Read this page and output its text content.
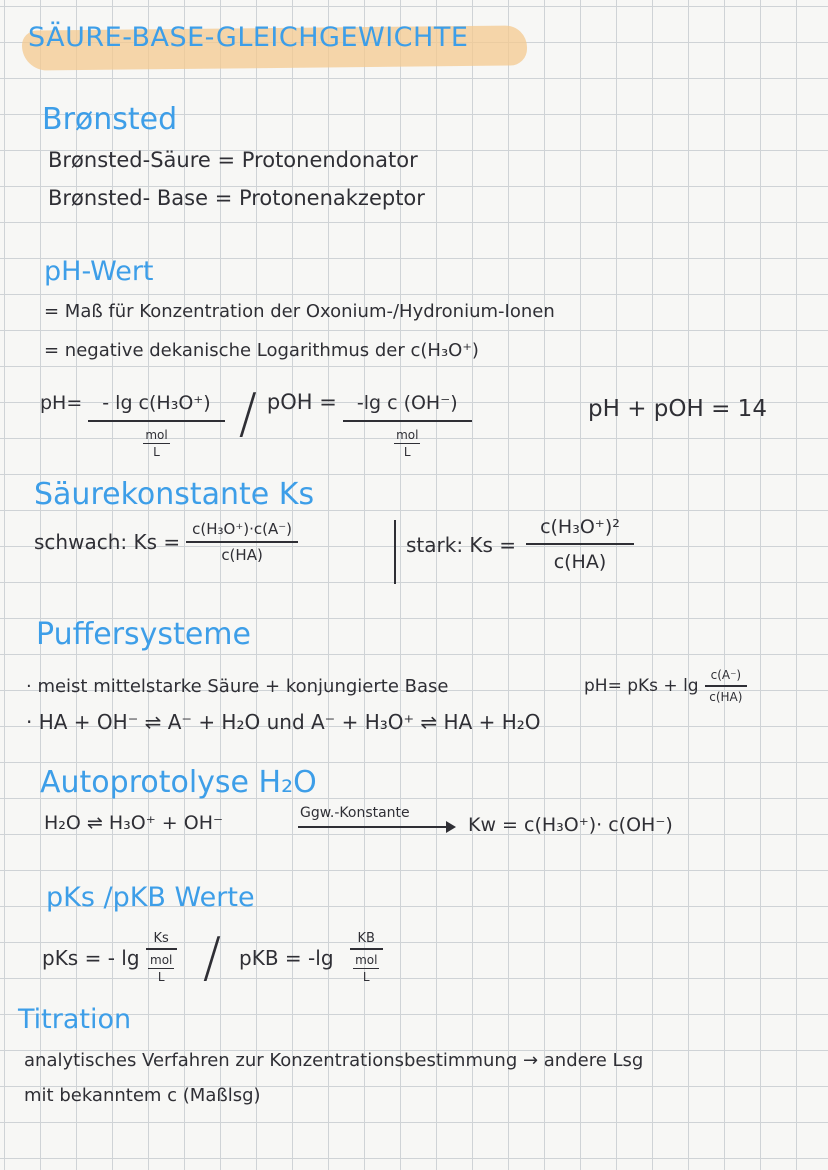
SÄURE-BASE-GLEICHGEWICHTE
Brønsted
Brønsted-Säure = Protonendonator
Brønsted- Base = Protonenakzeptor
pH-Wert
= Maß für Konzentration der Oxonium-/Hydronium-Ionen
= negative dekanische Logarithmus der c(H₃O⁺)
$pH= \frac{\text{- lg c(H₃O⁺)}}{\frac{\text{mol}}{L}}$ / pOH = $\frac{\text{-lg c (OH⁻)}}{\frac{\text{mol}}{L}}$	pH + pOH = 14
Säurekonstante Ks
schwach: $Ks = \frac{\text{c(H₃O⁺)·c(A⁻)}}{c(HA)}$	stark: $Ks = \frac{\text{c(H₃O⁺)²}}{c(HA)}$
Puffersysteme
· meist mittelstarke Säure + konjungierte Base	pH= pKs + $\lg \frac{c(A^-)}{c(HA)}$
· HA + OH⁻ ⇌ A⁻ + H₂O und A⁻ + H₃O⁺ ⇌ HA + H₂O
Autoprotolyse H₂O
H₂O ⇌ H₃O⁺ + OH⁻	Ggw.-Konstante
Kw = c(H₃O⁺)· c(OH⁻)
pKs /pKB Werte
pKs = - $\lg \frac{Ks}{\frac{\text{mol}}{L}}$ / pKB = $-\lg \frac{KB}{\frac{\text{mol}}{L}}$
Titration
analytisches Verfahren zur Konzentrationsbestimmung → andere Lsg
mit bekanntem c (Maßlsg)
